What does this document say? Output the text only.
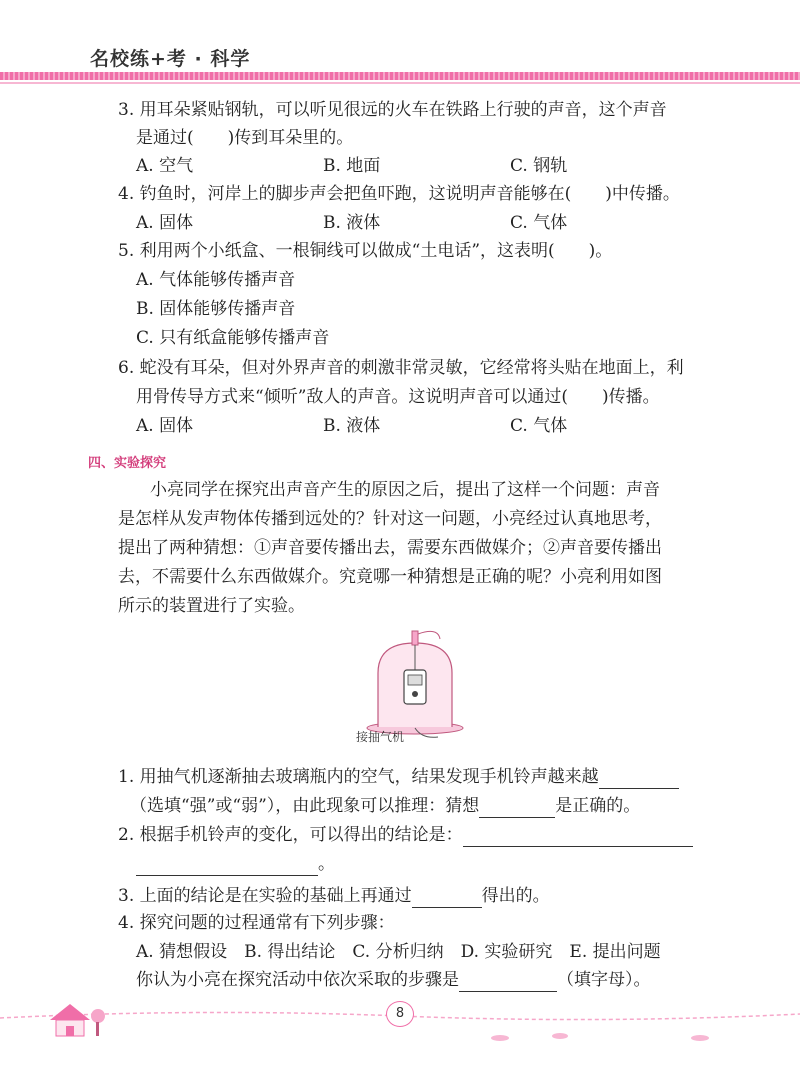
名校练+考 · 科学
3. 用耳朵紧贴钢轨，可以听见很远的火车在铁路上行驶的声音，这个声音
是通过(　　)传到耳朵里的。
A. 空气	B. 地面	C. 钢轨
4. 钓鱼时，河岸上的脚步声会把鱼吓跑，这说明声音能够在(　　)中传播。
A. 固体	B. 液体	C. 气体
5. 利用两个小纸盒、一根铜线可以做成“土电话”，这表明(　　)。
A. 气体能够传播声音
B. 固体能够传播声音
C. 只有纸盒能够传播声音
6. 蛇没有耳朵，但对外界声音的刺激非常灵敏，它经常将头贴在地面上，利
用骨传导方式来“倾听”敌人的声音。这说明声音可以通过(　　)传播。
A. 固体	B. 液体	C. 气体
四、实验探究
小亮同学在探究出声音产生的原因之后，提出了这样一个问题：声音
是怎样从发声物体传播到远处的？针对这一问题，小亮经过认真地思考，
提出了两种猜想：①声音要传播出去，需要东西做媒介；②声音要传播出
去，不需要什么东西做媒介。究竟哪一种猜想是正确的呢？小亮利用如图
所示的装置进行了实验。
接抽气机
1. 用抽气机逐渐抽去玻璃瓶内的空气，结果发现手机铃声越来越
（选填“强”或“弱”），由此现象可以推理：猜想	是正确的。
2. 根据手机铃声的变化，可以得出的结论是：
。
3. 上面的结论是在实验的基础上再通过	得出的。
4. 探究问题的过程通常有下列步骤：
A. 猜想假设　B. 得出结论　C. 分析归纳　D. 实验研究　E. 提出问题
你认为小亮在探究活动中依次采取的步骤是	（填字母）。
8
